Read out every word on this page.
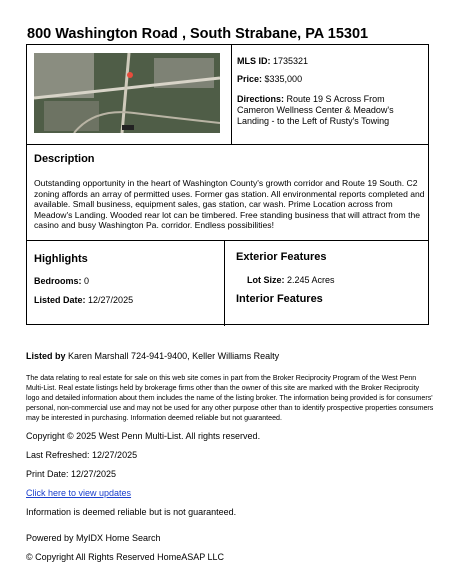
800 Washington Road , South Strabane, PA 15301
MLS ID: 1735321
Price: $335,000
Directions: Route 19 S Across From Cameron Wellness Center & Meadow's Landing - to the Left of Rusty's Towing
Description
Outstanding opportunity in the heart of Washington County's growth corridor and Route 19 South. C2 zoning affords an array of permitted uses. Former gas station. All environmental reports completed and available. Small business, equipment sales, gas station, car wash. Prime Location across from Meadow's Landing. Wooded rear lot can be timbered. Free standing business that will attract from the casino and busy Washington Pa. corridor. Endless possibilities!
Highlights
Bedrooms: 0
Listed Date: 12/27/2025
Exterior Features
Lot Size: 2.245 Acres
Interior Features
Listed by Karen Marshall 724-941-9400, Keller Williams Realty
The data relating to real estate for sale on this web site comes in part from the Broker Reciprocity Program of the West Penn Multi-List. Real estate listings held by brokerage firms other than the owner of this site are marked with the Broker Reciprocity logo and detailed information about them includes the name of the listing broker. The information being provided is for consumers' personal, non-commercial use and may not be used for any other purpose other than to identify prospective properties consumers may be interested in purchasing. Information deemed reliable but not guaranteed.
Copyright © 2025 West Penn Multi-List. All rights reserved.
Last Refreshed: 12/27/2025
Print Date: 12/27/2025
Click here to view updates
Information is deemed reliable but is not guaranteed.
Powered by MyIDX Home Search
© Copyright All Rights Reserved HomeASAP LLC
